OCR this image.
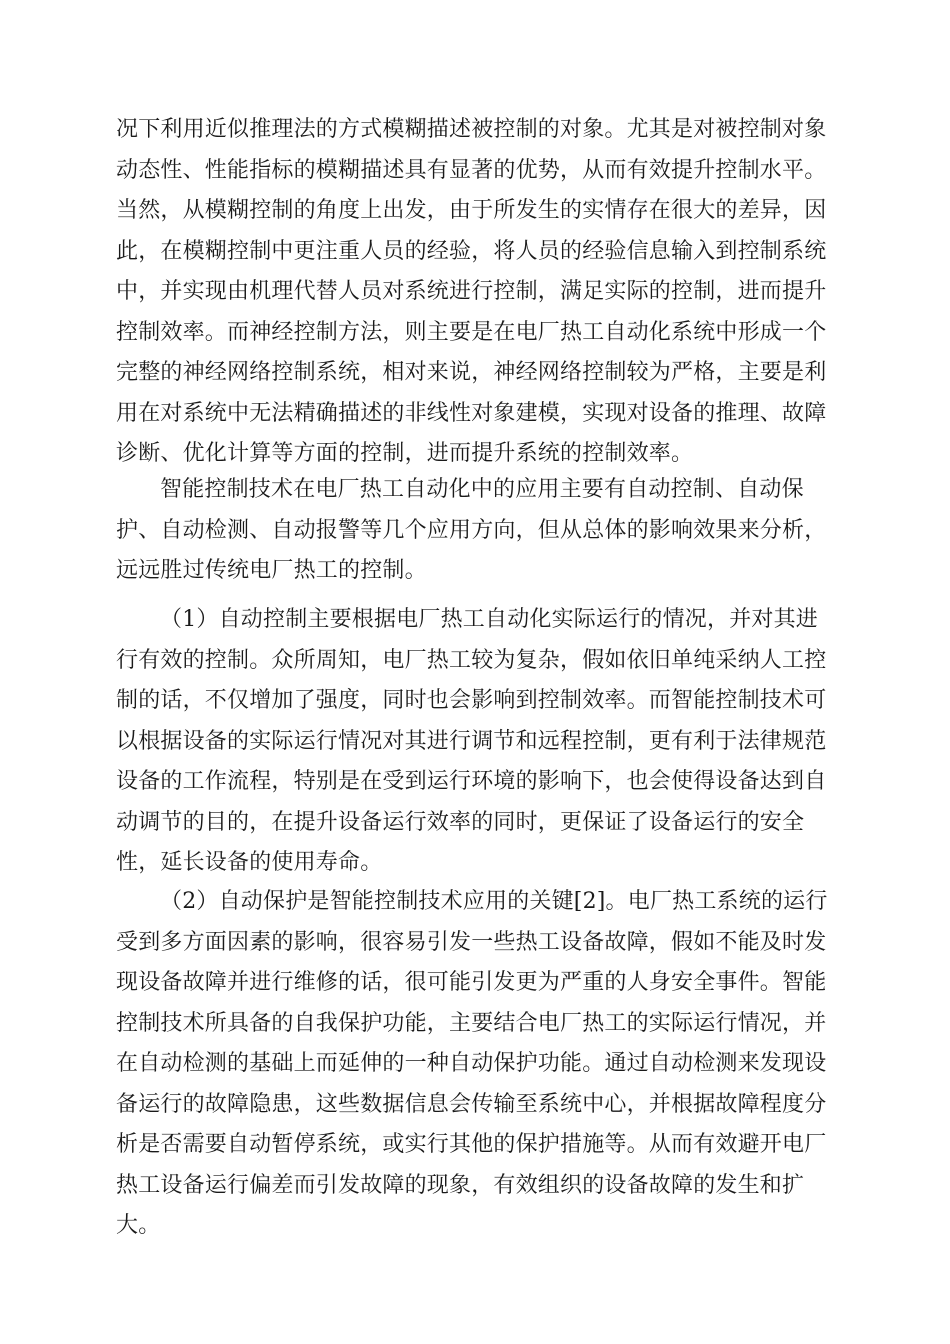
况下利用近似推理法的方式模糊描述被控制的对象。尤其是对被控制对象
动态性、性能指标的模糊描述具有显著的优势，从而有效提升控制水平。
当然，从模糊控制的角度上出发，由于所发生的实情存在很大的差异，因
此，在模糊控制中更注重人员的经验，将人员的经验信息输入到控制系统
中，并实现由机理代替人员对系统进行控制，满足实际的控制，进而提升
控制效率。而神经控制方法，则主要是在电厂热工自动化系统中形成一个
完整的神经网络控制系统，相对来说，神经网络控制较为严格，主要是利
用在对系统中无法精确描述的非线性对象建模，实现对设备的推理、故障
诊断、优化计算等方面的控制，进而提升系统的控制效率。

智能控制技术在电厂热工自动化中的应用主要有自动控制、自动保
护、自动检测、自动报警等几个应用方向，但从总体的影响效果来分析，
远远胜过传统电厂热工的控制。

（1）自动控制主要根据电厂热工自动化实际运行的情况，并对其进
行有效的控制。众所周知，电厂热工较为复杂，假如依旧单纯采纳人工控
制的话，不仅增加了强度，同时也会影响到控制效率。而智能控制技术可
以根据设备的实际运行情况对其进行调节和远程控制，更有利于法律规范
设备的工作流程，特别是在受到运行环境的影响下，也会使得设备达到自
动调节的目的，在提升设备运行效率的同时，更保证了设备运行的安全
性，延长设备的使用寿命。

（2）自动保护是智能控制技术应用的关键[2]。电厂热工系统的运行
受到多方面因素的影响，很容易引发一些热工设备故障，假如不能及时发
现设备故障并进行维修的话，很可能引发更为严重的人身安全事件。智能
控制技术所具备的自我保护功能，主要结合电厂热工的实际运行情况，并
在自动检测的基础上而延伸的一种自动保护功能。通过自动检测来发现设
备运行的故障隐患，这些数据信息会传输至系统中心，并根据故障程度分
析是否需要自动暂停系统，或实行其他的保护措施等。从而有效避开电厂
热工设备运行偏差而引发故障的现象，有效组织的设备故障的发生和扩
大。
